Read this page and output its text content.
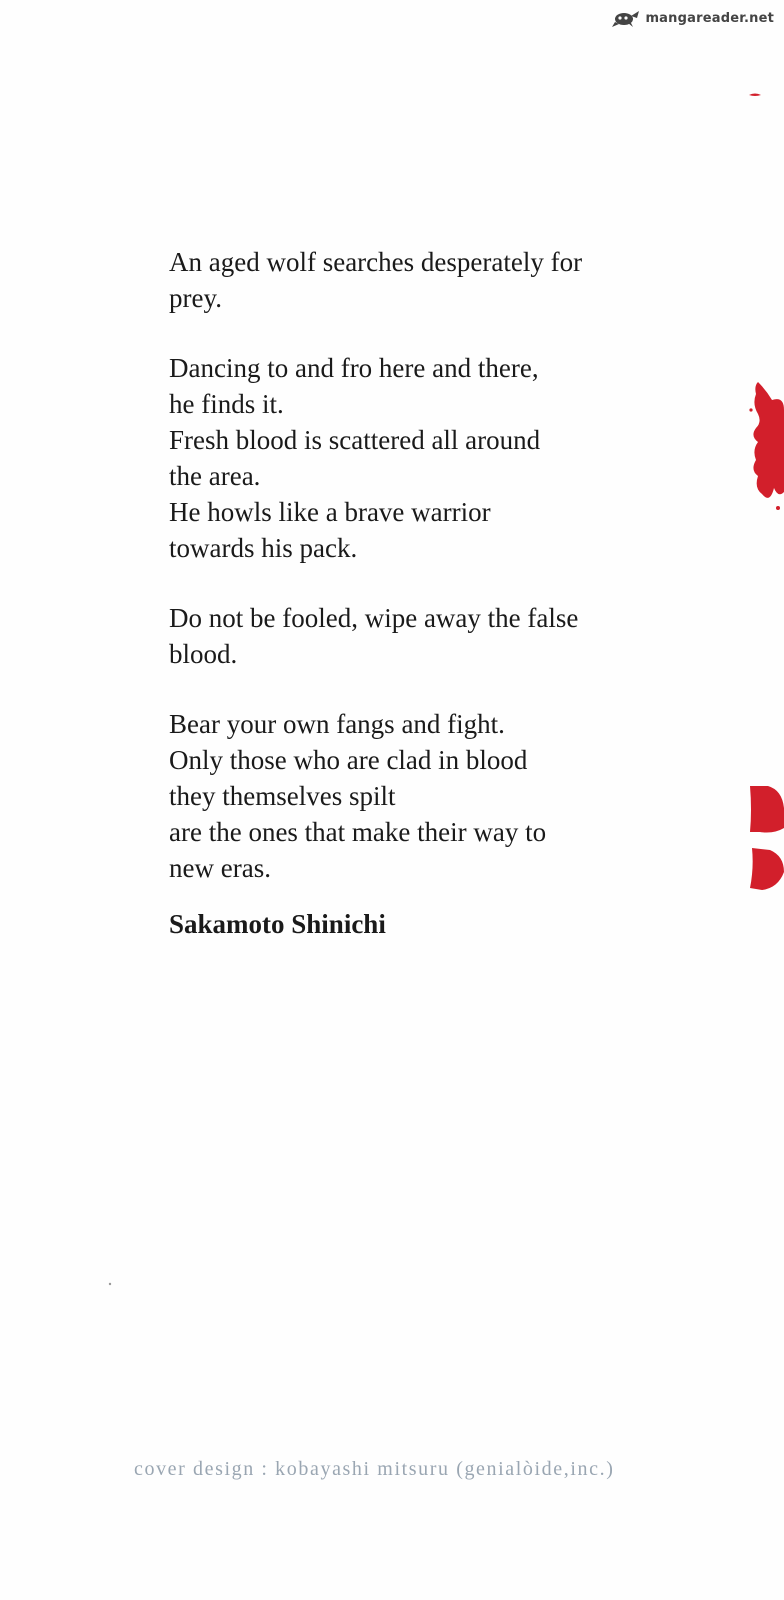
mangareader.net
An aged wolf searches desperately for
prey.
Dancing to and fro here and there,
he finds it.
Fresh blood is scattered all around
the area.
He howls like a brave warrior
towards his pack.
Do not be fooled, wipe away the false
blood.
Bear your own fangs and fight.
Only those who are clad in blood
they themselves spilt
are the ones that make their way to
new eras.
Sakamoto Shinichi
cover design : kobayashi mitsuru (genialòide,inc.)
